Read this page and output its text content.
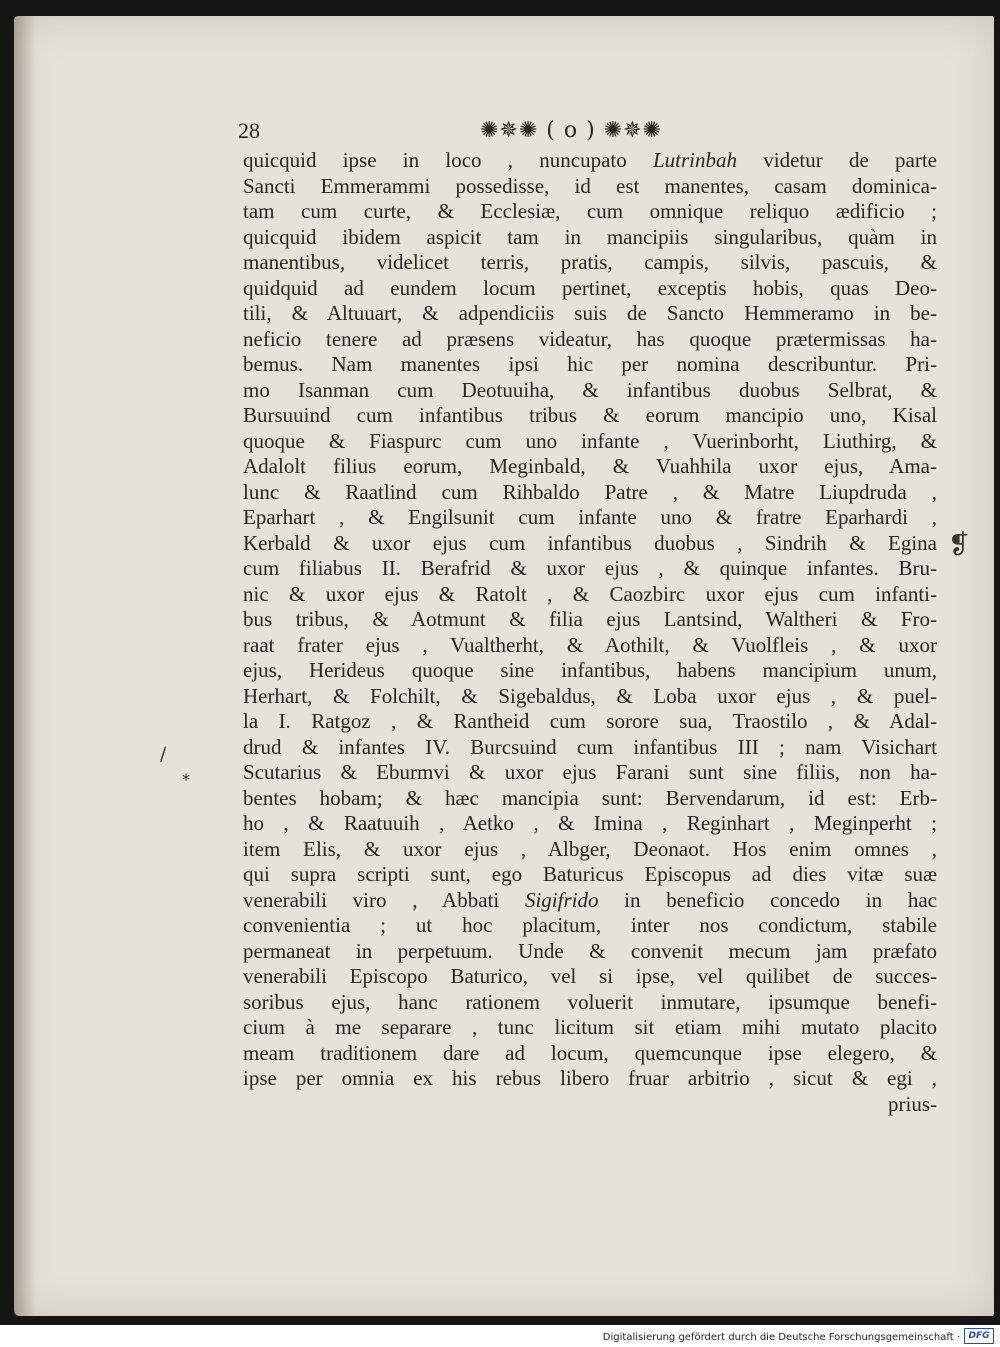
28	✺✵✺ ( o ) ✺✵✺
quicquid ipse in loco , nuncupato Lutrinbah videtur de parte
Sancti Emmerammi possedisse, id est manentes, casam dominica-
tam cum curte, & Ecclesiæ, cum omnique reliquo ædificio ;
quicquid ibidem aspicit tam in mancipiis singularibus, quàm in
manentibus, videlicet terris, pratis, campis, silvis, pascuis, &
quidquid ad eundem locum pertinet, exceptis hobis, quas Deo-
tili, & Altuuart, & adpendiciis suis de Sancto Hemmeramo in be-
neficio tenere ad præsens videatur, has quoque prætermissas ha-
bemus. Nam manentes ipsi hic per nomina describuntur. Pri-
mo Isanman cum Deotuuiha, & infantibus duobus Selbrat, &
Bursuuind cum infantibus tribus & eorum mancipio uno, Kisal
quoque & Fiaspurc cum uno infante , Vuerinborht, Liuthirg, &
Adalolt filius eorum, Meginbald, & Vuahhila uxor ejus, Ama-
lunc & Raatlind cum Rihbaldo Patre , & Matre Liupdruda ,
Eparhart , & Engilsunit cum infante uno & fratre Eparhardi ,
Kerbald & uxor ejus cum infantibus duobus , Sindrih & Egina
cum filiabus II. Berafrid & uxor ejus , & quinque infantes. Bru-
nic & uxor ejus & Ratolt , & Caozbirc uxor ejus cum infanti-
bus tribus, & Aotmunt & filia ejus Lantsind, Waltheri & Fro-
raat frater ejus , Vualtherht, & Aothilt, & Vuolfleis , & uxor
ejus, Herideus quoque sine infantibus, habens mancipium unum,
Herhart, & Folchilt, & Sigebaldus, & Loba uxor ejus , & puel-
la I. Ratgoz , & Rantheid cum sorore sua, Traostilo , & Adal-
drud & infantes IV. Burcsuind cum infantibus III ; nam Visichart
Scutarius & Eburmvi & uxor ejus Farani sunt sine filiis, non ha-
bentes hobam; & hæc mancipia sunt: Bervendarum, id est: Erb-
ho , & Raatuuih , Aetko , & Imina , Reginhart , Meginperht ;
item Elis, & uxor ejus , Albger, Deonaot. Hos enim omnes ,
qui supra scripti sunt, ego Baturicus Episcopus ad dies vitæ suæ
venerabili viro , Abbati Sigifrido in beneficio concedo in hac
convenientia ; ut hoc placitum, inter nos condictum, stabile
permaneat in perpetuum. Unde & convenit mecum jam præfato
venerabili Episcopo Baturico, vel si ipse, vel quilibet de succes-
soribus ejus, hanc rationem voluerit inmutare, ipsumque benefi-
cium à me separare , tunc licitum sit etiam mihi mutato placito
meam traditionem dare ad locum, quemcunque ipse elegero, &
ipse per omnia ex his rebus libero fruar arbitrio , sicut & egi ,
prius-
❡
*
/
Digitalisierung gefördert durch die Deutsche Forschungsgemeinschaft · DFG
